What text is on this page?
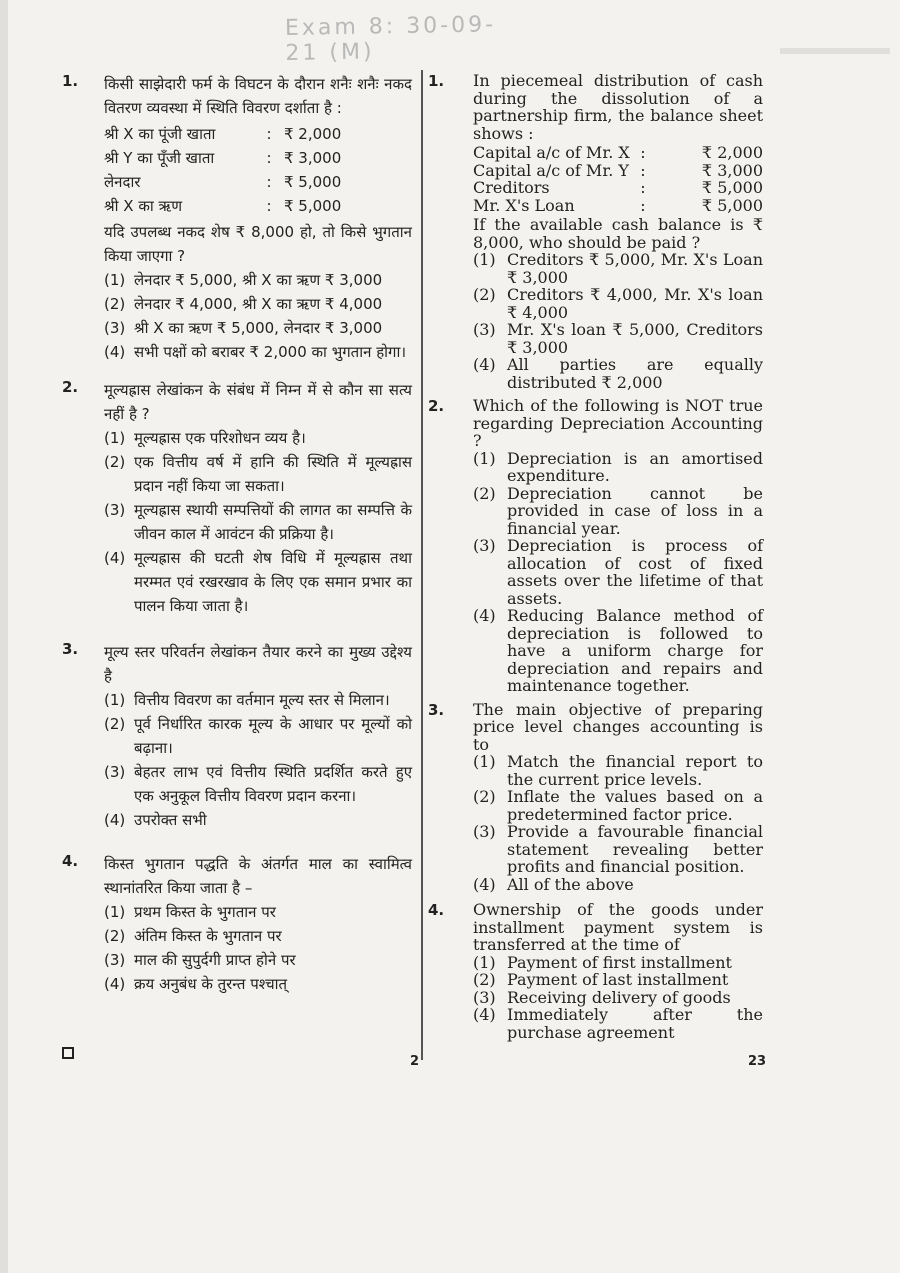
Exam 8: 30-09-21 (M)
1. किसी साझेदारी फर्म के विघटन के दौरान शनैः शनैः नकद वितरण व्यवस्था में स्थिति विवरण दर्शाता है :
श्री X का पूंजी खाता	: ₹ 2,000
श्री Y का पूँजी खाता	: ₹ 3,000
लेनदार	: ₹ 5,000
श्री X का ऋण	: ₹ 5,000
यदि उपलब्ध नकद शेष ₹ 8,000 हो, तो किसे भुगतान किया जाएगा ?
(1) लेनदार ₹ 5,000, श्री X का ऋण ₹ 3,000
(2) लेनदार ₹ 4,000, श्री X का ऋण ₹ 4,000
(3) श्री X का ऋण ₹ 5,000, लेनदार ₹ 3,000
(4) सभी पक्षों को बराबर ₹ 2,000 का भुगतान होगा।
2. मूल्यह्रास लेखांकन के संबंध में निम्न में से कौन सा सत्य नहीं है ?
(1) मूल्यह्रास एक परिशोधन व्यय है।
(2) एक वित्तीय वर्ष में हानि की स्थिति में मूल्यह्रास प्रदान नहीं किया जा सकता।
(3) मूल्यह्रास स्थायी सम्पत्तियों की लागत का सम्पत्ति के जीवन काल में आवंटन की प्रक्रिया है।
(4) मूल्यह्रास की घटती शेष विधि में मूल्यह्रास तथा मरम्मत एवं रखरखाव के लिए एक समान प्रभार का पालन किया जाता है।
3. मूल्य स्तर परिवर्तन लेखांकन तैयार करने का मुख्य उद्देश्य है
(1) वित्तीय विवरण का वर्तमान मूल्य स्तर से मिलान।
(2) पूर्व निर्धारित कारक मूल्य के आधार पर मूल्यों को बढ़ाना।
(3) बेहतर लाभ एवं वित्तीय स्थिति प्रदर्शित करते हुए एक अनुकूल वित्तीय विवरण प्रदान करना।
(4) उपरोक्त सभी
4. किस्त भुगतान पद्धति के अंतर्गत माल का स्वामित्व स्थानांतरित किया जाता है –
(1) प्रथम किस्त के भुगतान पर
(2) अंतिम किस्त के भुगतान पर
(3) माल की सुपुर्दगी प्राप्त होने पर
(4) क्रय अनुबंध के तुरन्त पश्चात्
1. In piecemeal distribution of cash during the dissolution of a partnership firm, the balance sheet shows :
Capital a/c of Mr. X :	₹ 2,000
Capital a/c of Mr. Y :	₹ 3,000
Creditors	:	₹ 5,000
Mr. X's Loan	:	₹ 5,000
If the available cash balance is ₹ 8,000, who should be paid ?
(1) Creditors ₹ 5,000, Mr. X's Loan ₹ 3,000
(2) Creditors ₹ 4,000, Mr. X's loan ₹ 4,000
(3) Mr. X's loan ₹ 5,000, Creditors ₹ 3,000
(4) All parties are equally distributed ₹ 2,000
2. Which of the following is NOT true regarding Depreciation Accounting ?
(1) Depreciation is an amortised expenditure.
(2) Depreciation cannot be provided in case of loss in a financial year.
(3) Depreciation is process of allocation of cost of fixed assets over the lifetime of that assets.
(4) Reducing Balance method of depreciation is followed to have a uniform charge for depreciation and repairs and maintenance together.
3. The main objective of preparing price level changes accounting is to
(1) Match the financial report to the current price levels.
(2) Inflate the values based on a predetermined factor price.
(3) Provide a favourable financial statement revealing better profits and financial position.
(4) All of the above
4. Ownership of the goods under installment payment system is transferred at the time of
(1) Payment of first installment
(2) Payment of last installment
(3) Receiving delivery of goods
(4) Immediately after the purchase agreement
2	23
